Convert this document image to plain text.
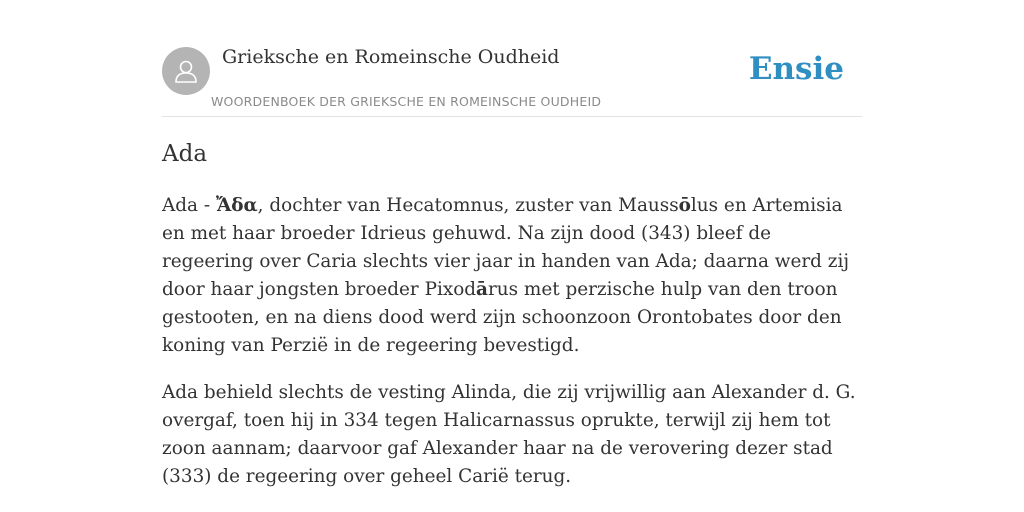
Grieksche en Romeinsche Oudheid
WOORDENBOEK DER GRIEKSCHE EN ROMEINSCHE OUDHEID
Ensie
Ada

Ada - Ἄδα, dochter van Hecatomnus, zuster van Maussōlus en Artemisia en met haar broeder Idrieus gehuwd. Na zijn dood (343) bleef de regeering over Caria slechts vier jaar in handen van Ada; daarna werd zij door haar jongsten broeder Pixodārus met perzische hulp van den troon gestooten, en na diens dood werd zijn schoonzoon Orontobates door den koning van Perzië in de regeering bevestigd.

Ada behield slechts de vesting Alinda, die zij vrijwillig aan Alexander d. G. overgaf, toen hij in 334 tegen Halicarnassus oprukte, terwijl zij hem tot zoon aannam; daarvoor gaf Alexander haar na de verovering dezer stad (333) de regeering over geheel Carië terug.
